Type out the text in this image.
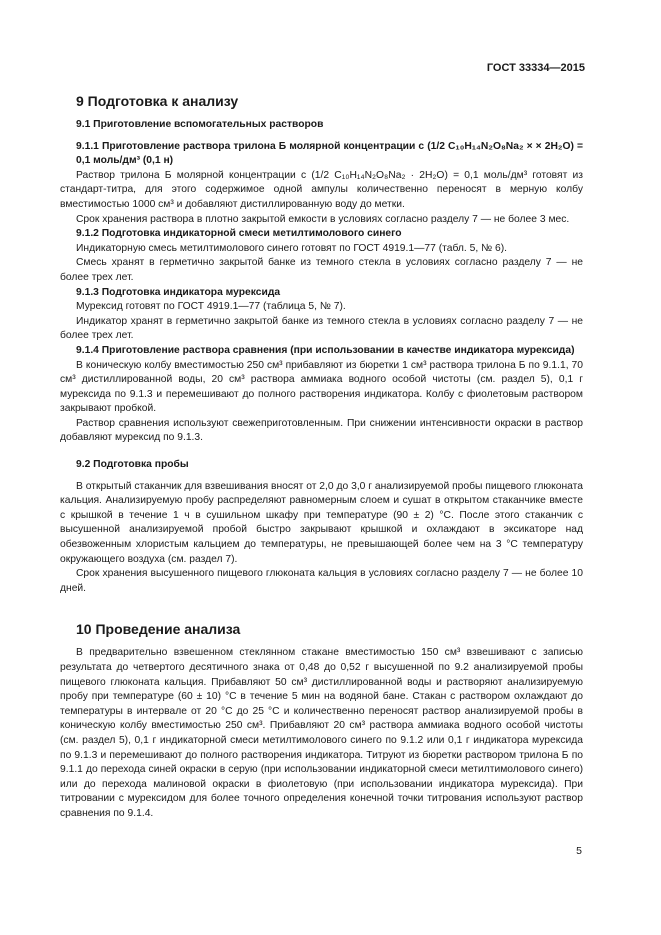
ГОСТ 33334—2015
9 Подготовка к анализу
9.1 Приготовление вспомогательных растворов
9.1.1 Приготовление раствора трилона Б молярной концентрации c (1/2 C₁₀H₁₄N₂O₈Na₂ × × 2H₂O) = 0,1 моль/дм³ (0,1 н)

Раствор трилона Б молярной концентрации c (1/2 C₁₀H₁₄N₂O₈Na₂ · 2H₂O) = 0,1 моль/дм³ готовят из стандарт-титра, для этого содержимое одной ампулы количественно переносят в мерную колбу вместимостью 1000 см³ и добавляют дистиллированную воду до метки.

Срок хранения раствора в плотно закрытой емкости в условиях согласно разделу 7 — не более 3 мес.

9.1.2 Подготовка индикаторной смеси метилтимолового синего

Индикаторную смесь метилтимолового синего готовят по ГОСТ 4919.1—77 (табл. 5, № 6).

Смесь хранят в герметично закрытой банке из темного стекла в условиях согласно разделу 7 — не более трех лет.

9.1.3 Подготовка индикатора мурексида

Мурексид готовят по ГОСТ 4919.1—77 (таблица 5, № 7).

Индикатор хранят в герметично закрытой банке из темного стекла в условиях согласно разделу 7 — не более трех лет.

9.1.4 Приготовление раствора сравнения (при использовании в качестве индикатора мурексида)

В коническую колбу вместимостью 250 см³ прибавляют из бюретки 1 см³ раствора трилона Б по 9.1.1, 70 см³ дистиллированной воды, 20 см³ раствора аммиака водного особой чистоты (см. раздел 5), 0,1 г мурексида по 9.1.3 и перемешивают до полного растворения индикатора. Колбу с фиолетовым раствором закрывают пробкой.

Раствор сравнения используют свежеприготовленным. При снижении интенсивности окраски в раствор добавляют мурексид по 9.1.3.

9.2 Подготовка пробы

В открытый стаканчик для взвешивания вносят от 2,0 до 3,0 г анализируемой пробы пищевого глюконата кальция. Анализируемую пробу распределяют равномерным слоем и сушат в открытом стаканчике вместе с крышкой в течение 1 ч в сушильном шкафу при температуре (90 ± 2) °С. После этого стаканчик с высушенной анализируемой пробой быстро закрывают крышкой и охлаждают в эксикаторе над обезвоженным хлористым кальцием до температуры, не превышающей более чем на 3 °С температуру окружающего воздуха (см. раздел 7).

Срок хранения высушенного пищевого глюконата кальция в условиях согласно разделу 7 — не более 10 дней.

10 Проведение анализа

В предварительно взвешенном стеклянном стакане вместимостью 150 см³ взвешивают с записью результата до четвертого десятичного знака от 0,48 до 0,52 г высушенной по 9.2 анализируемой пробы пищевого глюконата кальция. Прибавляют 50 см³ дистиллированной воды и растворяют анализируемую пробу при температуре (60 ± 10) °С в течение 5 мин на водяной бане. Стакан с раствором охлаждают до температуры в интервале от 20 °С до 25 °С и количественно переносят раствор анализируемой пробы в коническую колбу вместимостью 250 см³. Прибавляют 20 см³ раствора аммиака водного особой чистоты (см. раздел 5), 0,1 г индикаторной смеси метилтимолового синего по 9.1.2 или 0,1 г индикатора мурексида по 9.1.3 и перемешивают до полного растворения индикатора. Титруют из бюретки раствором трилона Б по 9.1.1 до перехода синей окраски в серую (при использовании индикаторной смеси метилтимолового синего) или до перехода малиновой окраски в фиолетовую (при использовании индикатора мурексида). При титровании с мурексидом для более точного определения конечной точки титрования используют раствор сравнения по 9.1.4.

5
